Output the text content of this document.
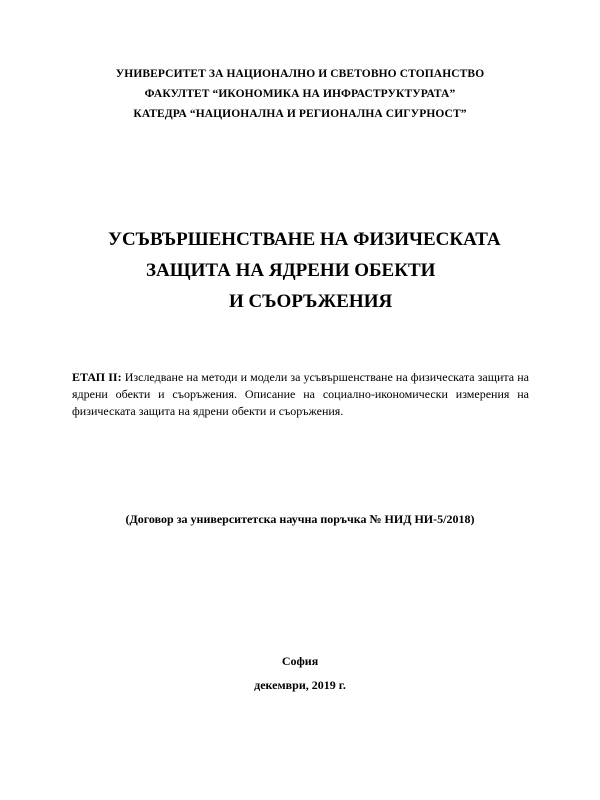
УНИВЕРСИТЕТ ЗА НАЦИОНАЛНО И СВЕТОВНО СТОПАНСТВО
ФАКУЛТЕТ “ИКОНОМИКА НА ИНФРАСТРУКТУРАТА”
КАТЕДРА “НАЦИОНАЛНА И РЕГИОНАЛНА СИГУРНОСТ”
УСЪВЪРШЕНСТВАНЕ НА ФИЗИЧЕСКАТА
ЗАЩИТА НА ЯДРЕНИ ОБЕКТИ
И СЪОРЪЖЕНИЯ

ЕТАП II: Изследване на методи и модели за усъвършенстване на физическата защита на ядрени обекти и съоръжения. Описание на социално-икономически измерения на физическата защита на ядрени обекти и съоръжения.

(Договор за университетска научна поръчка № НИД НИ-5/2018)
София
декември, 2019 г.
